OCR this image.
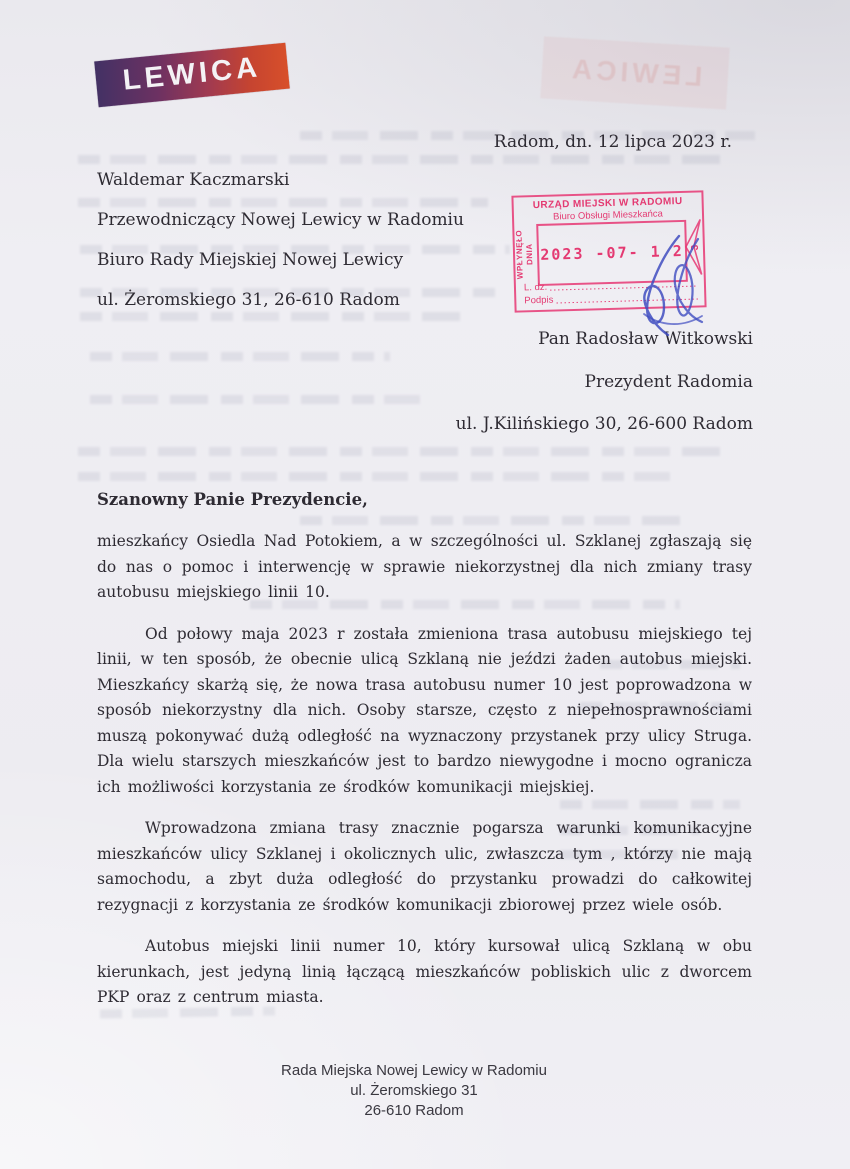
LEWICA
LEWICA
Radom, dn. 12 lipca 2023 r.
Waldemar Kaczmarski
Przewodniczący Nowej Lewicy w Radomiu
Biuro Rady Miejskiej Nowej Lewicy
ul. Żeromskiego 31, 26-610 Radom
URZĄD MIEJSKI W RADOMIU
Biuro Obsługi Mieszkańca
WPŁYNĘŁO DNIA 2023 -07- 1 2 3
L. dz.
Podpis
Pan Radosław Witkowski
Prezydent Radomia
ul. J.Kilińskiego 30, 26-600 Radom
Szanowny Panie Prezydencie,

mieszkańcy Osiedla Nad Potokiem, a w szczególności ul. Szklanej zgłaszają się do nas o pomoc i interwencję w sprawie niekorzystnej dla nich zmiany trasy autobusu miejskiego linii 10.

Od połowy maja 2023 r została zmieniona trasa autobusu miejskiego tej linii, w ten sposób, że obecnie ulicą Szklaną nie jeździ żaden autobus miejski. Mieszkańcy skarżą się, że nowa trasa autobusu numer 10 jest poprowadzona w sposób niekorzystny dla nich. Osoby starsze, często z niepełnosprawnościami muszą pokonywać dużą odległość na wyznaczony przystanek przy ulicy Struga. Dla wielu starszych mieszkańców jest to bardzo niewygodne i mocno ogranicza ich możliwości korzystania ze środków komunikacji miejskiej.

Wprowadzona zmiana trasy znacznie pogarsza warunki komunikacyjne mieszkańców ulicy Szklanej i okolicznych ulic, zwłaszcza tym , którzy nie mają samochodu, a zbyt duża odległość do przystanku prowadzi do całkowitej rezygnacji z korzystania ze środków komunikacji zbiorowej przez wiele osób.

Autobus miejski linii numer 10, który kursował ulicą Szklaną w obu kierunkach, jest jedyną linią łączącą mieszkańców pobliskich ulic z dworcem PKP oraz z centrum miasta.

Rada Miejska Nowej Lewicy w Radomiu
ul. Żeromskiego 31
26-610 Radom
